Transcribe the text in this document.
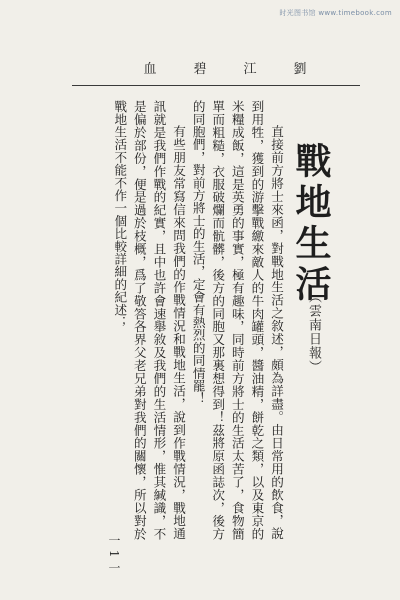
时光图书馆 www.timebook.com
血	碧	江	劉
戰地生活
（雲南日報）

直接前方將士來函，對戰地生活之敘述，頗為詳盡。由日常用的飲食，說到用牲，獲到的游擊戰繳來敵人的牛肉罐頭，醬油精，餅乾之類，以及東京的米糧成飯，這是英勇的事實，極有趣味，同時前方將士的生活太苦了，食物簡單而粗糙，衣服破爛而骯髒，後方的同胞又那裏想得到！茲將原函誌次，後方的同胞們，對前方將士的生活，定會有熱烈的同情罷！

有些朋友常寫信來問我們的作戰情況和戰地生活，說到作戰情況，戰地通訊就是我們作戰的紀實，且中也許會速舉敘及我們的生活情形，惟其緘識，不是偏於部份，便是過於枝概，爲了敬答各界父老兄弟對我們的關懷，所以對於戰地生活不能不作一個比較詳細的紀述；

一 1 一
